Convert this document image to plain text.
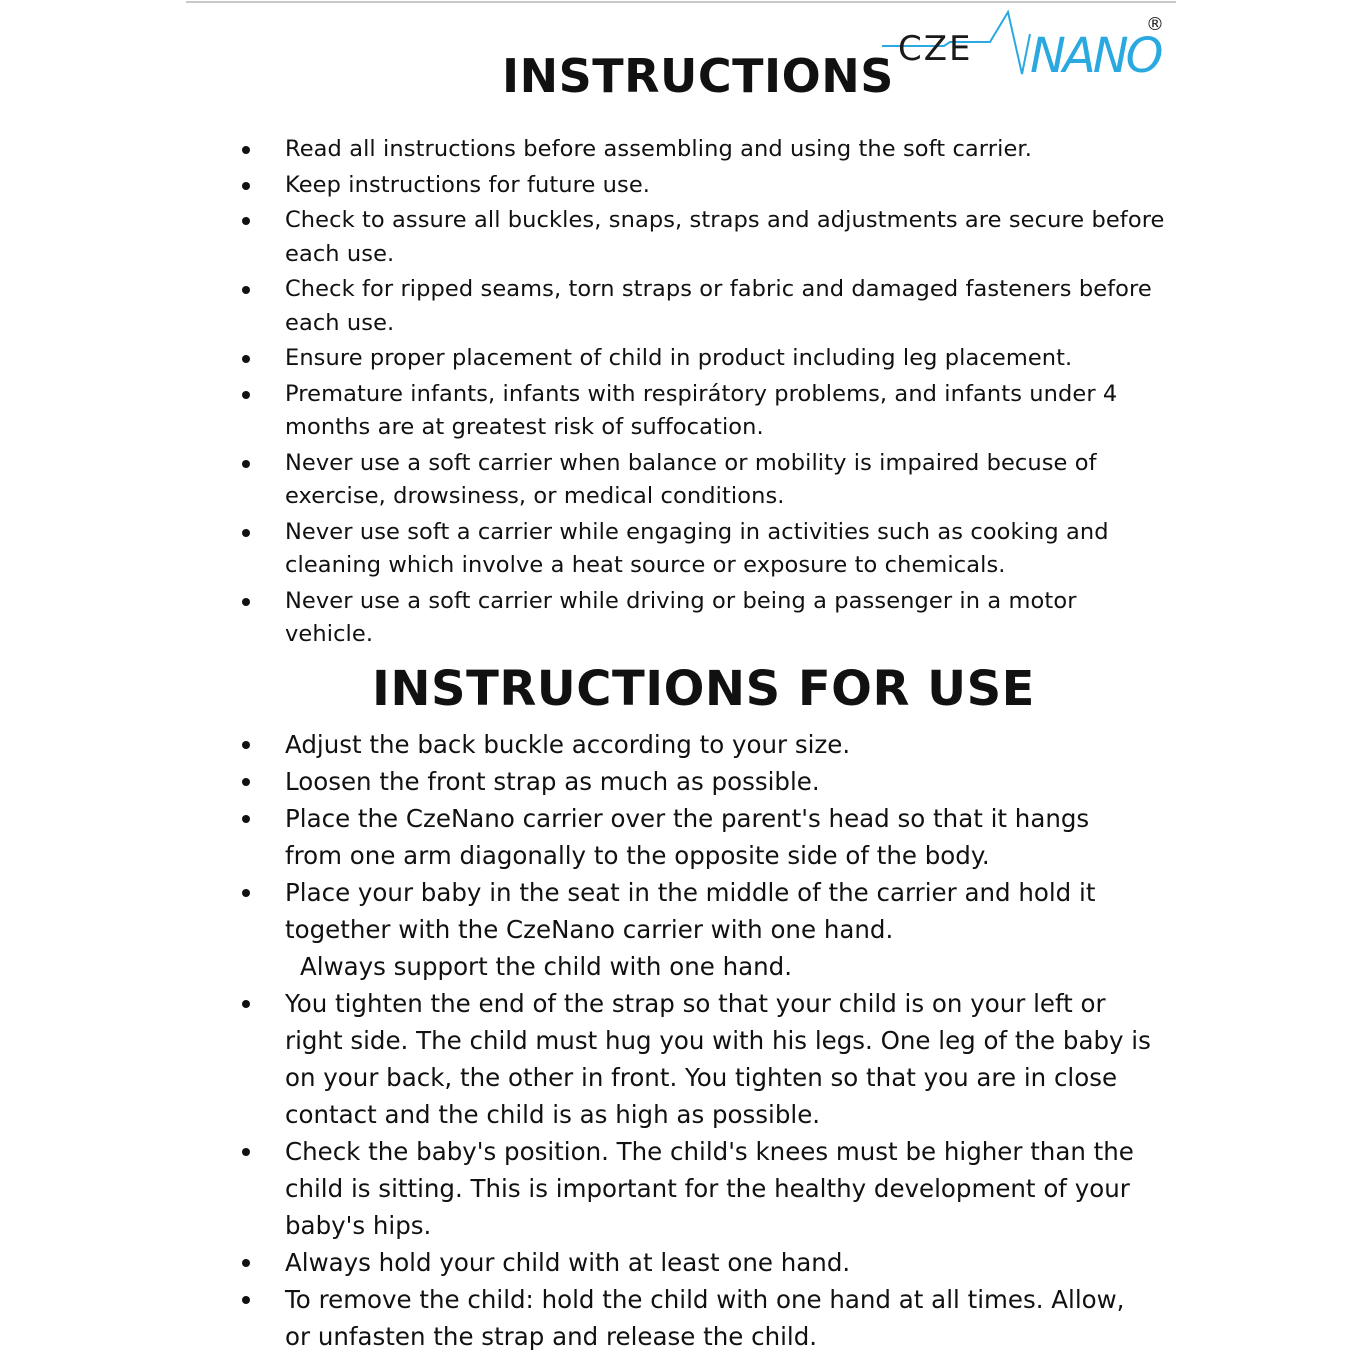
INSTRUCTIONS CZE NANO
®
Read all instructions before assembling and using the soft carrier.
Keep instructions for future use.
Check to assure all buckles, snaps, straps and adjustments are secure before
each use.
Check for ripped seams, torn straps or fabric and damaged fasteners before
each use.
Ensure proper placement of child in product including leg placement.
Premature infants, infants with respirátory problems, and infants under 4
months are at greatest risk of suffocation.
Never use a soft carrier when balance or mobility is impaired becuse of
exercise, drowsiness, or medical conditions.
Never use soft a carrier while engaging in activities such as cooking and
cleaning which involve a heat source or exposure to chemicals.
Never use a soft carrier while driving or being a passenger in a motor
vehicle.
INSTRUCTIONS FOR USE
Adjust the back buckle according to your size.
Loosen the front strap as much as possible.
Place the CzeNano carrier over the parent's head so that it hangs
from one arm diagonally to the opposite side of the body.
Place your baby in the seat in the middle of the carrier and hold it
together with the CzeNano carrier with one hand.
Always support the child with one hand.
You tighten the end of the strap so that your child is on your left or
right side. The child must hug you with his legs. One leg of the baby is
on your back, the other in front. You tighten so that you are in close
contact and the child is as high as possible.
Check the baby's position. The child's knees must be higher than the
child is sitting. This is important for the healthy development of your
baby's hips.
Always hold your child with at least one hand.
To remove the child: hold the child with one hand at all times. Allow,
or unfasten the strap and release the child.
